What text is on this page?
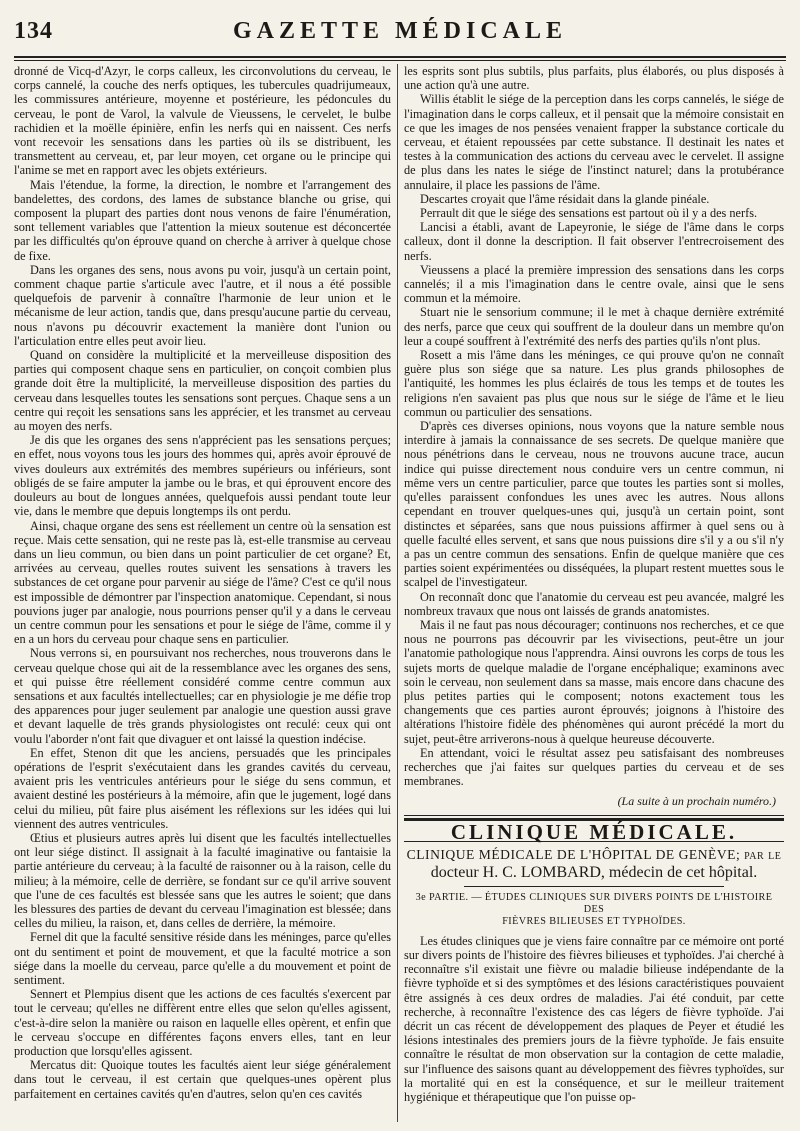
134	GAZETTE MÉDICALE

dronné de Vicq-d'Azyr, le corps calleux, les circonvolutions du cerveau, le corps cannelé, la couche des nerfs optiques, les tubercules quadrijumeaux, les commissures antérieure, moyenne et postérieure, les pédoncules du cerveau, le pont de Varol, la valvule de Vieussens, le cervelet, le bulbe rachidien et la moëlle épinière, enfin les nerfs qui en naissent. Ces nerfs vont recevoir les sensations dans les parties où ils se distribuent, les transmettent au cerveau, et, par leur moyen, cet organe ou le principe qui l'anime se met en rapport avec les objets extérieurs.

Mais l'étendue, la forme, la direction, le nombre et l'arrangement des bandelettes, des cordons, des lames de substance blanche ou grise, qui composent la plupart des parties dont nous venons de faire l'énumération, sont tellement variables que l'attention la mieux soutenue est déconcertée par les difficultés qu'on éprouve quand on cherche à arriver à quelque chose de fixe.

Dans les organes des sens, nous avons pu voir, jusqu'à un certain point, comment chaque partie s'articule avec l'autre, et il nous a été possible quelquefois de parvenir à connaître l'harmonie de leur union et le mécanisme de leur action, tandis que, dans presqu'aucune partie du cerveau, nous n'avons pu découvrir exactement la manière dont l'union ou l'articulation entre elles peut avoir lieu.

Quand on considère la multiplicité et la merveilleuse disposition des parties qui composent chaque sens en particulier, on conçoit combien plus grande doit être la multiplicité, la merveilleuse disposition des parties du cerveau dans lesquelles toutes les sensations sont perçues. Chaque sens a un centre qui reçoit les sensations sans les apprécier, et les transmet au cerveau au moyen des nerfs.

Je dis que les organes des sens n'apprécient pas les sensations perçues; en effet, nous voyons tous les jours des hommes qui, après avoir éprouvé de vives douleurs aux extrémités des membres supérieurs ou inférieurs, sont obligés de se faire amputer la jambe ou le bras, et qui éprouvent encore des douleurs au bout de longues années, quelquefois aussi pendant toute leur vie, dans le membre que depuis longtemps ils ont perdu.

Ainsi, chaque organe des sens est réellement un centre où la sensation est reçue. Mais cette sensation, qui ne reste pas là, est-elle transmise au cerveau dans un lieu commun, ou bien dans un point particulier de cet organe? Et, arrivées au cerveau, quelles routes suivent les sensations à travers les substances de cet organe pour parvenir au siége de l'âme? C'est ce qu'il nous est impossible de démontrer par l'inspection anatomique. Cependant, si nous pouvions juger par analogie, nous pourrions penser qu'il y a dans le cerveau un centre commun pour les sensations et pour le siége de l'âme, comme il y en a un hors du cerveau pour chaque sens en particulier.

Nous verrons si, en poursuivant nos recherches, nous trouverons dans le cerveau quelque chose qui ait de la ressemblance avec les organes des sens, et qui puisse être réellement considéré comme centre commun aux sensations et aux facultés intellectuelles; car en physiologie je me défie trop des apparences pour juger seulement par analogie une question aussi grave et devant laquelle de très grands physiologistes ont reculé: ceux qui ont voulu l'aborder n'ont fait que divaguer et ont laissé la question indécise.

En effet, Stenon dit que les anciens, persuadés que les principales opérations de l'esprit s'exécutaient dans les grandes cavités du cerveau, avaient pris les ventricules antérieurs pour le siége du sens commun, et avaient destiné les postérieurs à la mémoire, afin que le jugement, logé dans celui du milieu, pût faire plus aisément les réflexions sur les idées qui lui viennent des autres ventricules.

Œtius et plusieurs autres après lui disent que les facultés intellectuelles ont leur siége distinct. Il assignait à la faculté imaginative ou fantaisie la partie antérieure du cerveau; à la faculté de raisonner ou à la raison, celle du milieu; à la mémoire, celle de derrière, se fondant sur ce qu'il arrive souvent que l'une de ces facultés est blessée sans que les autres le soient; que dans les blessures des parties de devant du cerveau l'imagination est blessée; dans celles du milieu, la raison, et, dans celles de derrière, la mémoire.

Fernel dit que la faculté sensitive réside dans les méninges, parce qu'elles ont du sentiment et point de mouvement, et que la faculté motrice a son siége dans la moelle du cerveau, parce qu'elle a du mouvement et point de sentiment.

Sennert et Plempius disent que les actions de ces facultés s'exercent par tout le cerveau; qu'elles ne diffèrent entre elles que selon qu'elles agissent, c'est-à-dire selon la manière ou raison en laquelle elles opèrent, et enfin que le cerveau s'occupe en différentes façons envers elles, tant en leur production que lorsqu'elles agissent.

Mercatus dit: Quoique toutes les facultés aient leur siége généralement dans tout le cerveau, il est certain que quelques-unes opèrent plus parfaitement en certaines cavités qu'en d'autres, selon qu'en ces cavités

les esprits sont plus subtils, plus parfaits, plus élaborés, ou plus disposés à une action qu'à une autre.

Willis établit le siége de la perception dans les corps cannelés, le siége de l'imagination dans le corps calleux, et il pensait que la mémoire consistait en ce que les images de nos pensées venaient frapper la substance corticale du cerveau, et étaient repoussées par cette substance. Il destinait les nates et testes à la communication des actions du cerveau avec le cervelet. Il assigne de plus dans les nates le siége de l'instinct naturel; dans la protubérance annulaire, il place les passions de l'âme.

Descartes croyait que l'âme résidait dans la glande pinéale.

Perrault dit que le siége des sensations est partout où il y a des nerfs.

Lancisi a établi, avant de Lapeyronie, le siége de l'âme dans le corps calleux, dont il donne la description. Il fait observer l'entrecroisement des nerfs.

Vieussens a placé la première impression des sensations dans les corps cannelés; il a mis l'imagination dans le centre ovale, ainsi que le sens commun et la mémoire.

Stuart nie le sensorium commune; il le met à chaque dernière extrémité des nerfs, parce que ceux qui souffrent de la douleur dans un membre qu'on leur a coupé souffrent à l'extrémité des nerfs des parties qu'ils n'ont plus.

Rosett a mis l'âme dans les méninges, ce qui prouve qu'on ne connaît guère plus son siége que sa nature. Les plus grands philosophes de l'antiquité, les hommes les plus éclairés de tous les temps et de toutes les religions n'en savaient pas plus que nous sur le siége de l'âme et le lieu commun ou particulier des sensations.

D'après ces diverses opinions, nous voyons que la nature semble nous interdire à jamais la connaissance de ses secrets. De quelque manière que nous pénétrions dans le cerveau, nous ne trouvons aucune trace, aucun indice qui puisse directement nous conduire vers un centre commun, ni même vers un centre particulier, parce que toutes les parties sont si molles, qu'elles paraissent confondues les unes avec les autres. Nous allons cependant en trouver quelques-unes qui, jusqu'à un certain point, sont distinctes et séparées, sans que nous puissions affirmer à quel sens ou à quelle faculté elles servent, et sans que nous puissions dire s'il y a ou s'il n'y a pas un centre commun des sensations. Enfin de quelque manière que ces parties soient expérimentées ou disséquées, la plupart restent muettes sous le scalpel de l'investigateur.

On reconnaît donc que l'anatomie du cerveau est peu avancée, malgré les nombreux travaux que nous ont laissés de grands anatomistes.

Mais il ne faut pas nous décourager; continuons nos recherches, et ce que nous ne pourrons pas découvrir par les vivisections, peut-être un jour l'anatomie pathologique nous l'apprendra. Ainsi ouvrons les corps de tous les sujets morts de quelque maladie de l'organe encéphalique; examinons avec soin le cerveau, non seulement dans sa masse, mais encore dans chacune des plus petites parties qui le composent; notons exactement tous les changements que ces parties auront éprouvés; joignons à l'histoire des altérations l'histoire fidèle des phénomènes qui auront précédé la mort du sujet, peut-être arriverons-nous à quelque heureuse découverte.

En attendant, voici le résultat assez peu satisfaisant des nombreuses recherches que j'ai faites sur quelques parties du cerveau et de ses membranes.

(La suite à un prochain numéro.)
CLINIQUE MÉDICALE.
CLINIQUE MÉDICALE DE L'HÔPITAL DE GENÈVE; par le
docteur H. C. LOMBARD, médecin de cet hôpital.
3e PARTIE. — ÉTUDES CLINIQUES SUR DIVERS POINTS DE L'HISTOIRE DES
FIÈVRES BILIEUSES ET TYPHOÏDES.

Les études cliniques que je viens faire connaître par ce mémoire ont porté sur divers points de l'histoire des fièvres bilieuses et typhoïdes. J'ai cherché à reconnaître s'il existait une fièvre ou maladie bilieuse indépendante de la fièvre typhoïde et si des symptômes et des lésions caractéristiques pouvaient être assignés à ces deux ordres de maladies. J'ai été conduit, par cette recherche, à reconnaître l'existence des cas légers de fièvre typhoïde. J'ai décrit un cas récent de développement des plaques de Peyer et étudié les lésions intestinales des premiers jours de la fièvre typhoïde. Je fais ensuite connaître le résultat de mon observation sur la contagion de cette maladie, sur l'influence des saisons quant au développement des fièvres typhoïdes, sur la mortalité qui en est la conséquence, et sur le meilleur traitement hygiénique et thérapeutique que l'on puisse op-
